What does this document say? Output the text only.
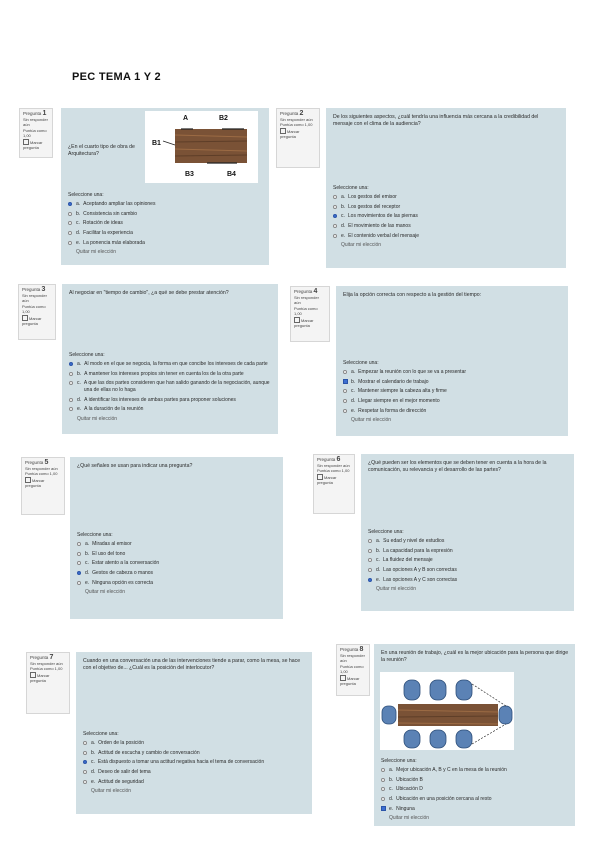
PEC TEMA 1 Y 2
Pregunta 1
Sin responder aún
Puntúa como 1,00
Marcar pregunta	¿En el cuarto tipo de obra de Arquitectura?
A	B2
B1
B3	B4
Seleccione una:
a. Aceptando ampliar las opiniones
b. Consistencia sin cambio
c. Rotación de ideas
d. Facilitar la experiencia
e. La ponencia más elaborada
Quitar mi elección
Pregunta 2
Sin responder aún
Puntúa como 1,00
Marcar pregunta
De los siguientes aspectos, ¿cuál tendría una influencia más cercana a la credibilidad del mensaje con el clima de la audiencia?
Seleccione una:
a. Los gestos del emisor
b. Los gestos del receptor
c. Los movimientos de las piernas
d. El movimiento de las manos
e. El contenido verbal del mensaje
Quitar mi elección
Pregunta 3
Sin responder aún
Puntúa como 1,00
Marcar pregunta
Al negociar en "tiempo de cambio", ¿a qué se debe prestar atención?
Seleccione una:
a. Al modo en el que se negocia, la forma en que concibe los intereses de cada parte
b. A mantener los intereses propios sin tener en cuenta los de la otra parte
c. A que las dos partes consideren que han salido ganando de la negociación, aunque una de ellas no lo haga
d. A identificar los intereses de ambas partes para proponer soluciones
e. A la duración de la reunión
Quitar mi elección
Pregunta 4
Sin responder aún
Puntúa como 1,00
Marcar pregunta
Elija la opción correcta con respecto a la gestión del tiempo:
Seleccione una:
a. Empezar la reunión con lo que se va a presentar
b. Mostrar el calendario de trabajo
c. Mantener siempre la cabeza alta y firme
d. Llegar siempre en el mejor momento
e. Respetar la forma de dirección
Quitar mi elección
Pregunta 5
Sin responder aún
Puntúa como 1,00
Marcar pregunta
¿Qué señales se usan para indicar una pregunta?
Seleccione una:
a. Miradas al emisor
b. El uso del tono
c. Estar atento a la conversación
d. Gestos de cabeza o manos
e. Ninguna opción es correcta
Quitar mi elección
Pregunta 6
Sin responder aún
Puntúa como 1,00
Marcar pregunta
¿Qué pueden ser los elementos que se deben tener en cuenta a la hora de la comunicación, su relevancia y el desarrollo de las partes?
Seleccione una:
a. Su edad y nivel de estudios
b. La capacidad para la expresión
c. La fluidez del mensaje
d. Las opciones A y B son correctas
e. Las opciones A y C son correctas
Quitar mi elección
Pregunta 7
Sin responder aún
Puntúa como 1,00
Marcar pregunta
Cuando en una conversación una de las intervenciones tiende a parar, como la mesa, se hace con el objetivo de... ¿Cuál es la posición del interlocutor?
Seleccione una:
a. Orden de la posición
b. Actitud de escucha y cambio de conversación
c. Está dispuesto a tomar una actitud negativa hacia el tema de conversación
d. Deseo de salir del tema
e. Actitud de seguridad
Quitar mi elección
Pregunta 8
Sin responder aún
Puntúa como 1,00
Marcar pregunta
En una reunión de trabajo, ¿cuál es la mejor ubicación para la persona que dirige la reunión?
Seleccione una:
a. Mejor ubicación A, B y C en la mesa de la reunión
b. Ubicación B
c. Ubicación D
d. Ubicación en una posición cercana al resto
e. Ninguna
Quitar mi elección
